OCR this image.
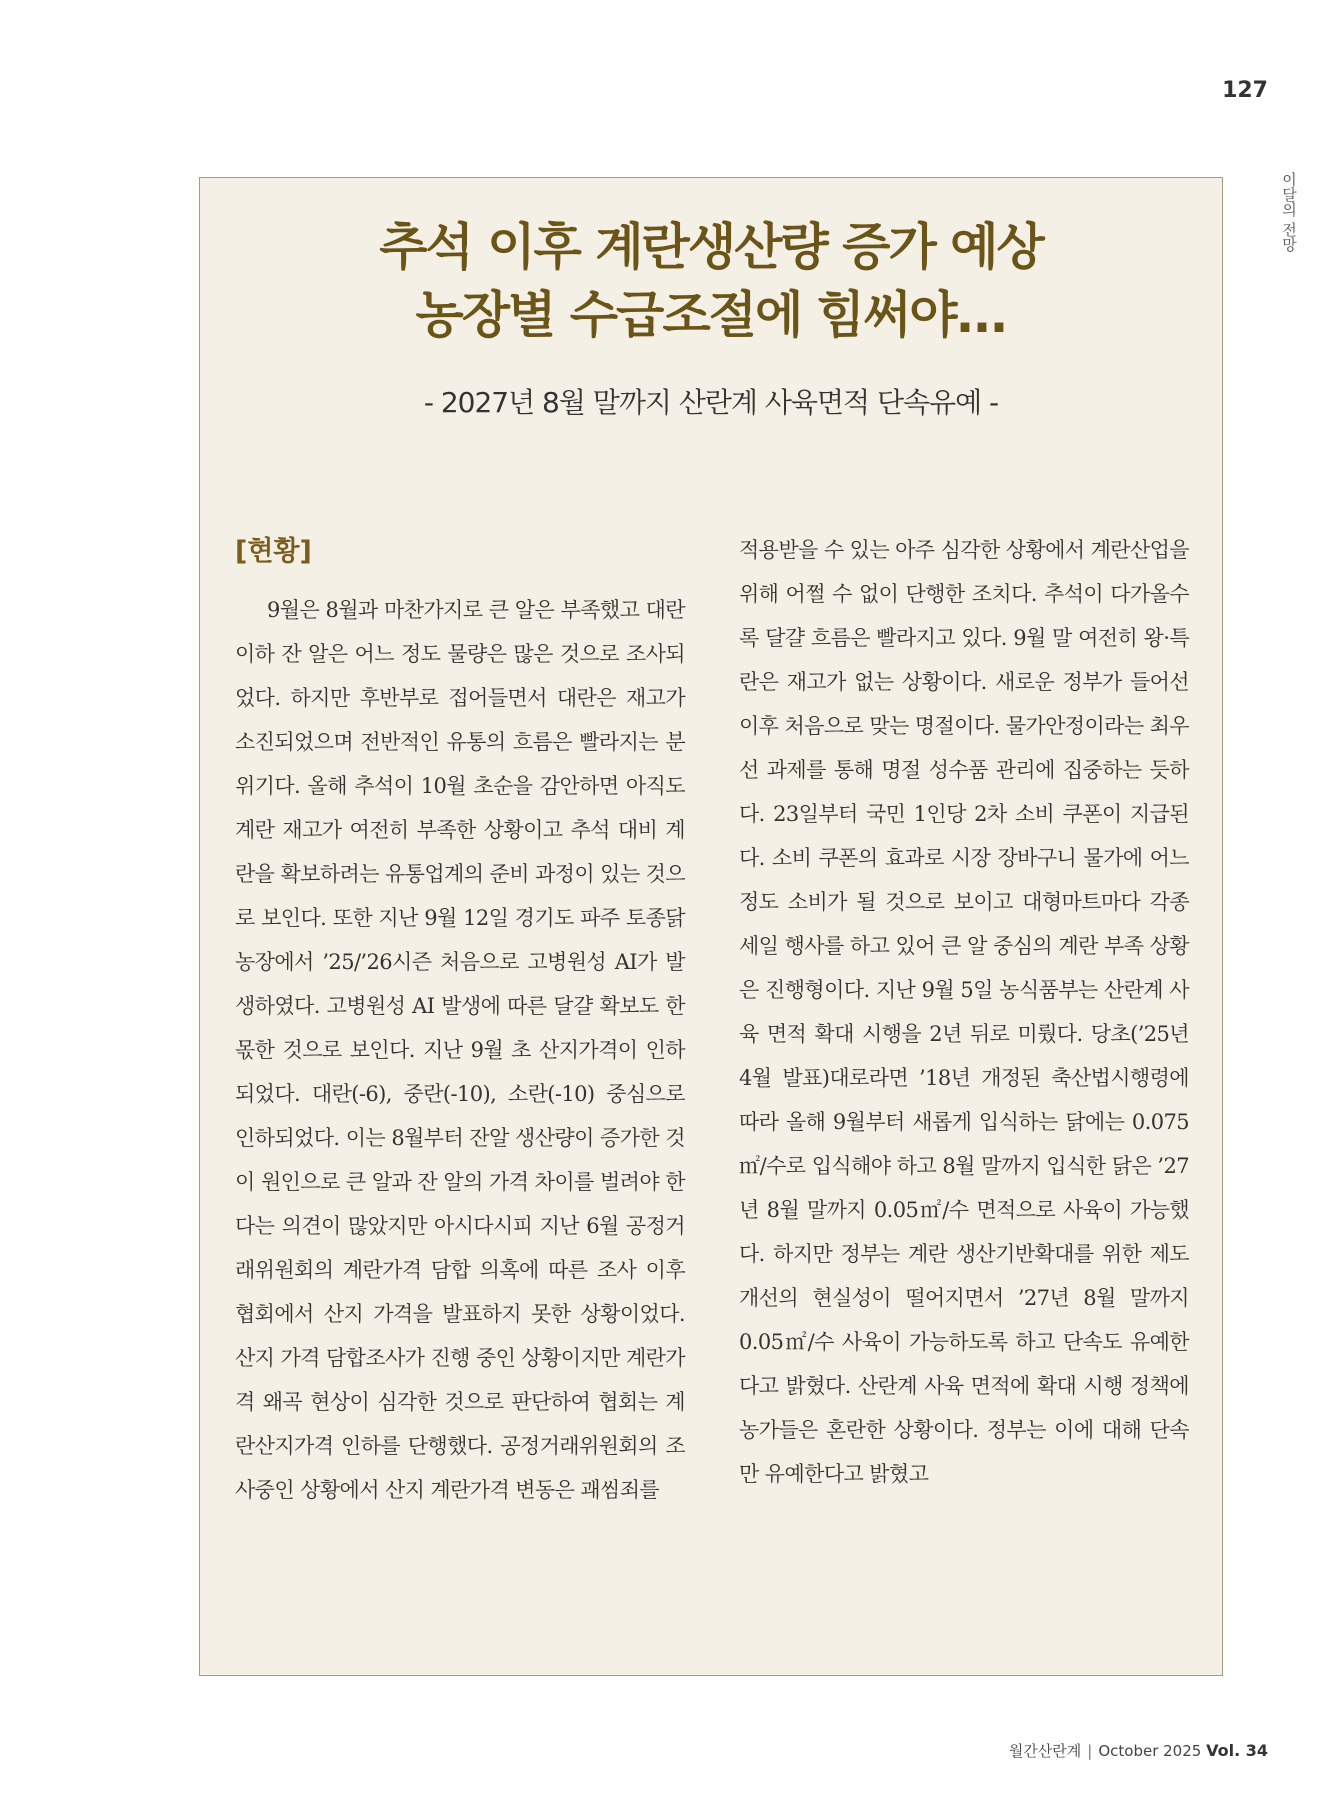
127
이달의 전망
추석 이후 계란생산량 증가 예상
농장별 수급조절에 힘써야...
- 2027년 8월 말까지 산란계 사육면적 단속유예 -
[현황]

9월은 8월과 마찬가지로 큰 알은 부족했고 대란 이하 잔 알은 어느 정도 물량은 많은 것으로 조사되었다. 하지만 후반부로 접어들면서 대란은 재고가 소진되었으며 전반적인 유통의 흐름은 빨라지는 분위기다. 올해 추석이 10월 초순을 감안하면 아직도 계란 재고가 여전히 부족한 상황이고 추석 대비 계란을 확보하려는 유통업계의 준비 과정이 있는 것으로 보인다. 또한 지난 9월 12일 경기도 파주 토종닭농장에서 ’25/’26시즌 처음으로 고병원성 AI가 발생하였다. 고병원성 AI 발생에 따른 달걀 확보도 한몫한 것으로 보인다. 지난 9월 초 산지가격이 인하되었다. 대란(-6), 중란(-10), 소란(-10) 중심으로 인하되었다. 이는 8월부터 잔알 생산량이 증가한 것이 원인으로 큰 알과 잔 알의 가격 차이를 벌려야 한다는 의견이 많았지만 아시다시피 지난 6월 공정거래위원회의 계란가격 담합 의혹에 따른 조사 이후 협회에서 산지 가격을 발표하지 못한 상황이었다. 산지 가격 담합조사가 진행 중인 상황이지만 계란가격 왜곡 현상이 심각한 것으로 판단하여 협회는 계란산지가격 인하를 단행했다. 공정거래위원회의 조사중인 상황에서 산지 계란가격 변동은 괘씸죄를

적용받을 수 있는 아주 심각한 상황에서 계란산업을 위해 어쩔 수 없이 단행한 조치다. 추석이 다가올수록 달걀 흐름은 빨라지고 있다. 9월 말 여전히 왕·특란은 재고가 없는 상황이다. 새로운 정부가 들어선 이후 처음으로 맞는 명절이다. 물가안정이라는 최우선 과제를 통해 명절 성수품 관리에 집중하는 듯하다. 23일부터 국민 1인당 2차 소비 쿠폰이 지급된다. 소비 쿠폰의 효과로 시장 장바구니 물가에 어느 정도 소비가 될 것으로 보이고 대형마트마다 각종 세일 행사를 하고 있어 큰 알 중심의 계란 부족 상황은 진행형이다. 지난 9월 5일 농식품부는 산란계 사육 면적 확대 시행을 2년 뒤로 미뤘다. 당초(’25년 4월 발표)대로라면 ’18년 개정된 축산법시행령에 따라 올해 9월부터 새롭게 입식하는 닭에는 0.075㎡/수로 입식해야 하고 8월 말까지 입식한 닭은 ’27년 8월 말까지 0.05㎡/수 면적으로 사육이 가능했다. 하지만 정부는 계란 생산기반확대를 위한 제도개선의 현실성이 떨어지면서 ’27년 8월 말까지 0.05㎡/수 사육이 가능하도록 하고 단속도 유예한다고 밝혔다. 산란계 사육 면적에 확대 시행 정책에 농가들은 혼란한 상황이다. 정부는 이에 대해 단속만 유예한다고 밝혔고

월간산란계 | October 2025 Vol. 34
